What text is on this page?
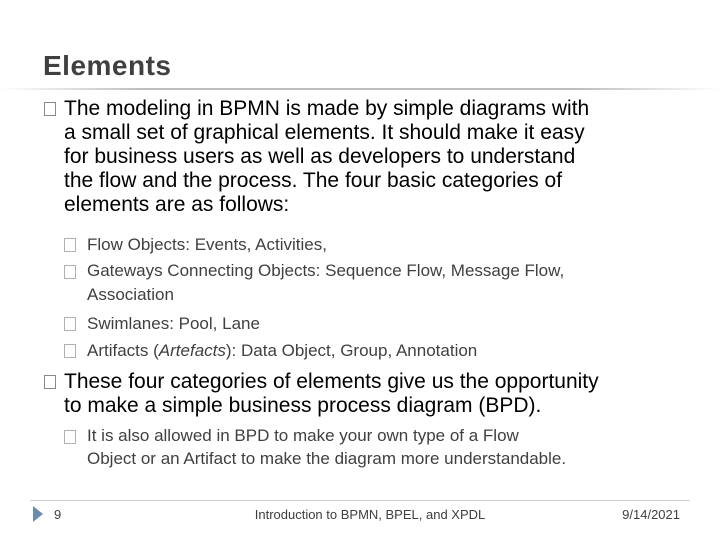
Elements
The modeling in BPMN is made by simple diagrams with
a small set of graphical elements. It should make it easy
for business users as well as developers to understand
the flow and the process. The four basic categories of
elements are as follows:
Flow Objects: Events, Activities,
Gateways Connecting Objects: Sequence Flow, Message Flow,
Association
Swimlanes: Pool, Lane
Artifacts (Artefacts): Data Object, Group, Annotation
These four categories of elements give us the opportunity
to make a simple business process diagram (BPD).
It is also allowed in BPD to make your own type of a Flow
Object or an Artifact to make the diagram more understandable.
9	Introduction to BPMN, BPEL, and XPDL	9/14/2021
